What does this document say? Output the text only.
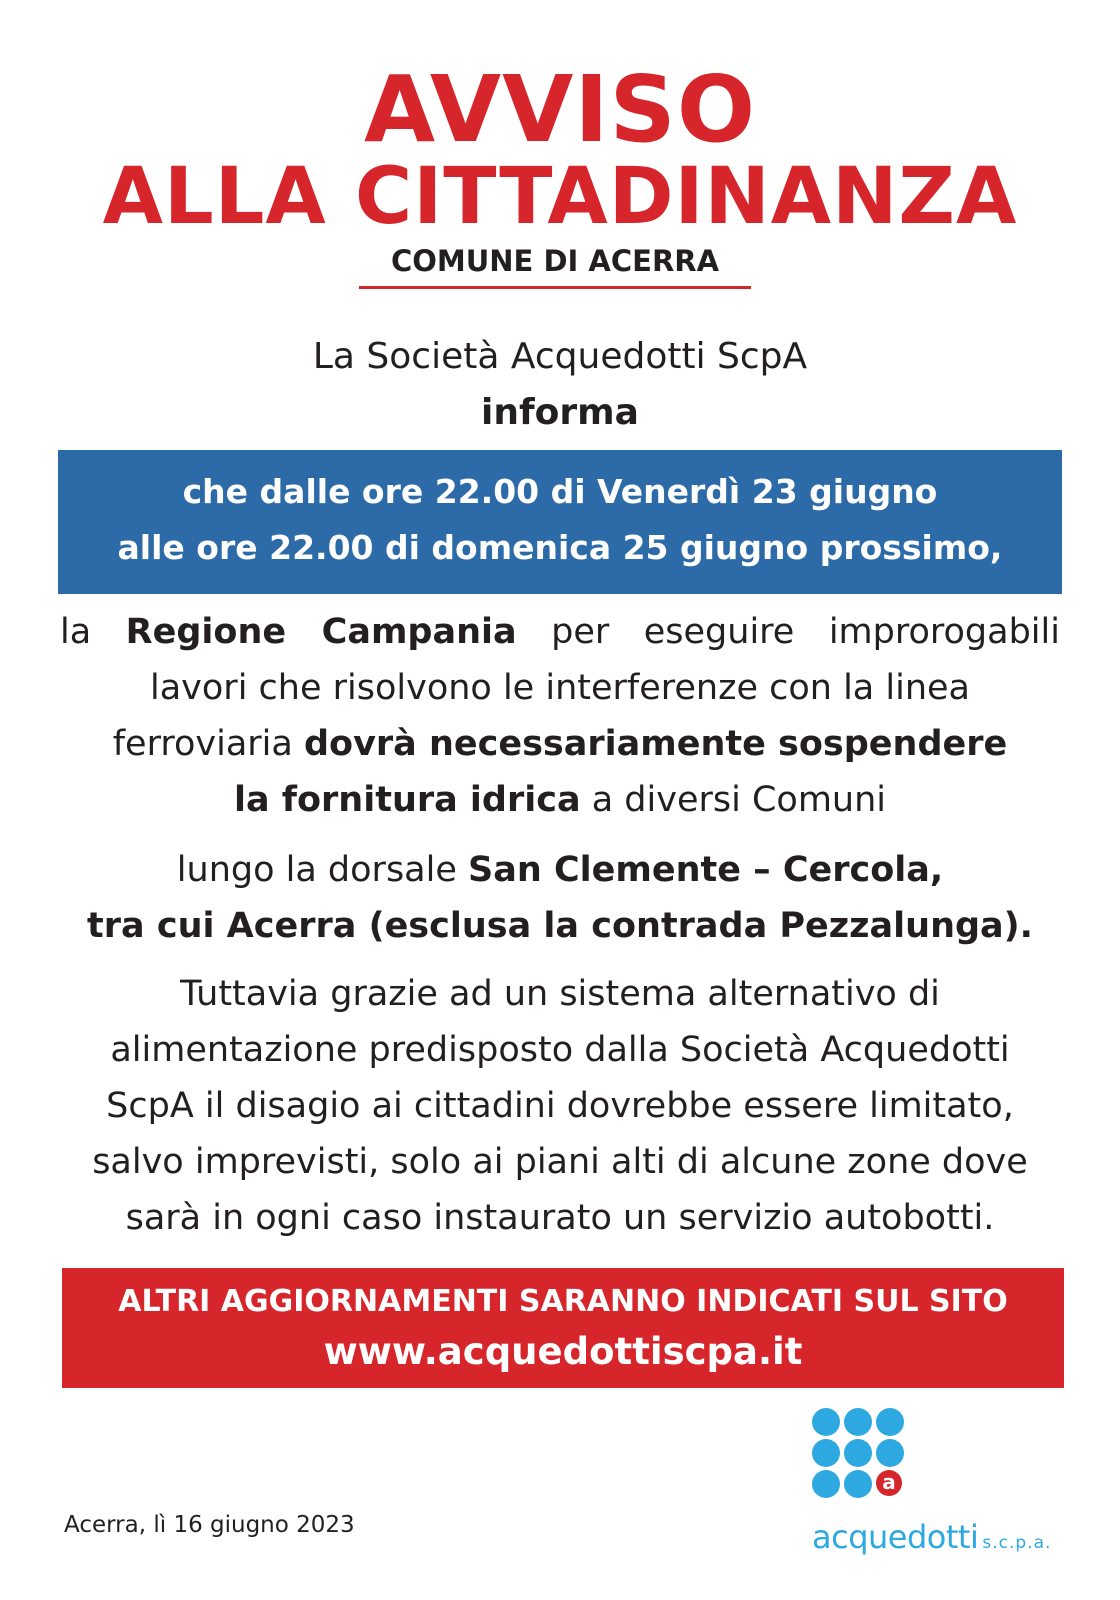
AVVISO
ALLA CITTADINANZA
COMUNE DI ACERRA
La Società Acquedotti ScpA
informa
che dalle ore 22.00 di Venerdì 23 giugno
alle ore 22.00 di domenica 25 giugno prossimo,
la Regione Campania per eseguire improrogabili
lavori che risolvono le interferenze con la linea
ferroviaria dovrà necessariamente sospendere
la fornitura idrica a diversi Comuni
lungo la dorsale San Clemente – Cercola,
tra cui Acerra (esclusa la contrada Pezzalunga).
Tuttavia grazie ad un sistema alternativo di
alimentazione predisposto dalla Società Acquedotti
ScpA il disagio ai cittadini dovrebbe essere limitato,
salvo imprevisti, solo ai piani alti di alcune zone dove
sarà in ogni caso instaurato un servizio autobotti.
ALTRI AGGIORNAMENTI SARANNO INDICATI SUL SITO
www.acquedottiscpa.it
Acerra, lì 16 giugno 2023
a
acquedotti s.c.p.a.
